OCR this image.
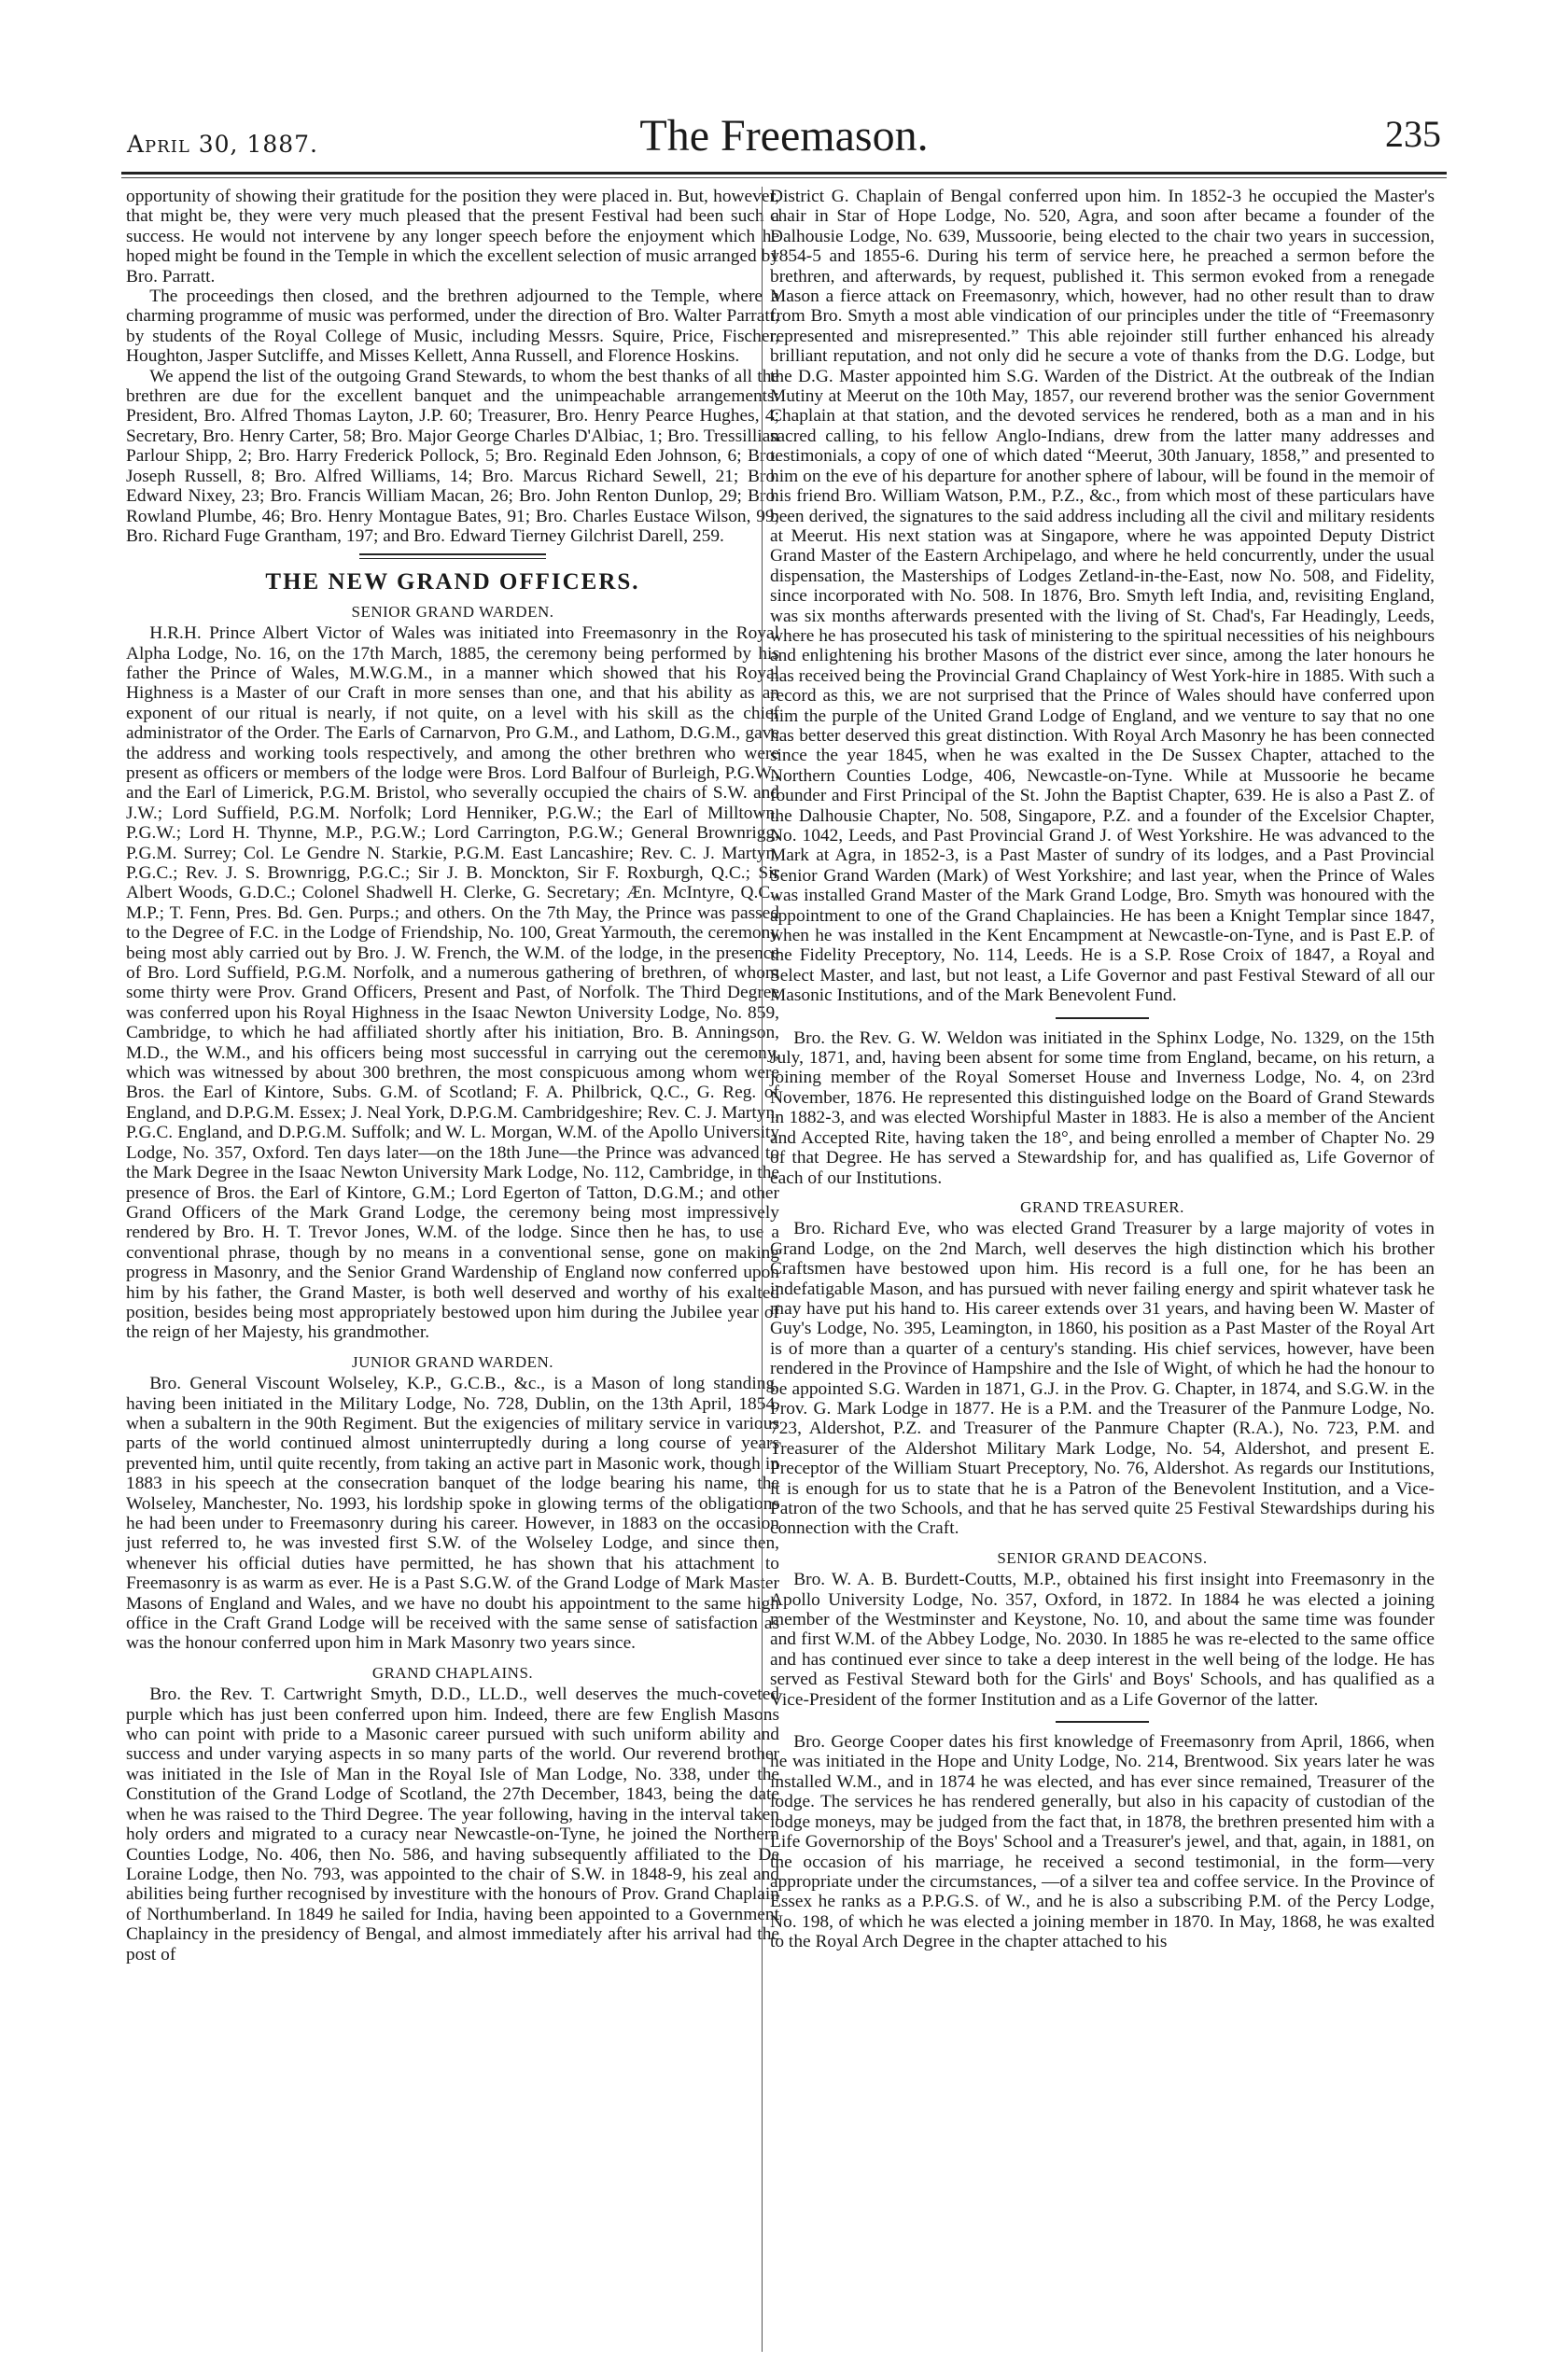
April 30, 1887.	The Freemason.	235

opportunity of showing their gratitude for the position they were placed in. But, however, that might be, they were very much pleased that the present Festival had been such a success. He would not intervene by any longer speech before the enjoyment which he hoped might be found in the Temple in which the excellent selection of music arranged by Bro. Parratt.

The proceedings then closed, and the brethren adjourned to the Temple, where a charming programme of music was performed, under the direction of Bro. Walter Parratt, by students of the Royal College of Music, including Messrs. Squire, Price, Fischer, Houghton, Jasper Sutcliffe, and Misses Kellett, Anna Russell, and Florence Hoskins.

We append the list of the outgoing Grand Stewards, to whom the best thanks of all the brethren are due for the excellent banquet and the unimpeachable arrangements: President, Bro. Alfred Thomas Layton, J.P. 60; Treasurer, Bro. Henry Pearce Hughes, 4; Secretary, Bro. Henry Carter, 58; Bro. Major George Charles D'Albiac, 1; Bro. Tressillian Parlour Shipp, 2; Bro. Harry Frederick Pollock, 5; Bro. Reginald Eden Johnson, 6; Bro. Joseph Russell, 8; Bro. Alfred Williams, 14; Bro. Marcus Richard Sewell, 21; Bro. Edward Nixey, 23; Bro. Francis William Macan, 26; Bro. John Renton Dunlop, 29; Bro. Rowland Plumbe, 46; Bro. Henry Montague Bates, 91; Bro. Charles Eustace Wilson, 99; Bro. Richard Fuge Grantham, 197; and Bro. Edward Tierney Gilchrist Darell, 259.

THE NEW GRAND OFFICERS.
SENIOR GRAND WARDEN.

H.R.H. Prince Albert Victor of Wales was initiated into Freemasonry in the Royal Alpha Lodge, No. 16, on the 17th March, 1885, the ceremony being performed by his father the Prince of Wales, M.W.G.M., in a manner which showed that his Royal Highness is a Master of our Craft in more senses than one, and that his ability as an exponent of our ritual is nearly, if not quite, on a level with his skill as the chief administrator of the Order. The Earls of Carnarvon, Pro G.M., and Lathom, D.G.M., gave the address and working tools respectively, and among the other brethren who were present as officers or members of the lodge were Bros. Lord Balfour of Burleigh, P.G.W., and the Earl of Limerick, P.G.M. Bristol, who severally occupied the chairs of S.W. and J.W.; Lord Suffield, P.G.M. Norfolk; Lord Henniker, P.G.W.; the Earl of Milltown, P.G.W.; Lord H. Thynne, M.P., P.G.W.; Lord Carrington, P.G.W.; General Brownrigg, P.G.M. Surrey; Col. Le Gendre N. Starkie, P.G.M. East Lancashire; Rev. C. J. Martyn, P.G.C.; Rev. J. S. Brownrigg, P.G.C.; Sir J. B. Monckton, Sir F. Roxburgh, Q.C.; Sir Albert Woods, G.D.C.; Colonel Shadwell H. Clerke, G. Secretary; Æn. McIntyre, Q.C., M.P.; T. Fenn, Pres. Bd. Gen. Purps.; and others. On the 7th May, the Prince was passed to the Degree of F.C. in the Lodge of Friendship, No. 100, Great Yarmouth, the ceremony being most ably carried out by Bro. J. W. French, the W.M. of the lodge, in the presence of Bro. Lord Suffield, P.G.M. Norfolk, and a numerous gathering of brethren, of whom some thirty were Prov. Grand Officers, Present and Past, of Norfolk. The Third Degree was conferred upon his Royal Highness in the Isaac Newton University Lodge, No. 859, Cambridge, to which he had affiliated shortly after his initiation, Bro. B. Anningson, M.D., the W.M., and his officers being most successful in carrying out the ceremony, which was witnessed by about 300 brethren, the most conspicuous among whom were Bros. the Earl of Kintore, Subs. G.M. of Scotland; F. A. Philbrick, Q.C., G. Reg. of England, and D.P.G.M. Essex; J. Neal York, D.P.G.M. Cambridgeshire; Rev. C. J. Martyn, P.G.C. England, and D.P.G.M. Suffolk; and W. L. Morgan, W.M. of the Apollo University Lodge, No. 357, Oxford. Ten days later—on the 18th June—the Prince was advanced to the Mark Degree in the Isaac Newton University Mark Lodge, No. 112, Cambridge, in the presence of Bros. the Earl of Kintore, G.M.; Lord Egerton of Tatton, D.G.M.; and other Grand Officers of the Mark Grand Lodge, the ceremony being most impressively rendered by Bro. H. T. Trevor Jones, W.M. of the lodge. Since then he has, to use a conventional phrase, though by no means in a conventional sense, gone on making progress in Masonry, and the Senior Grand Wardenship of England now conferred upon him by his father, the Grand Master, is both well deserved and worthy of his exalted position, besides being most appropriately bestowed upon him during the Jubilee year of the reign of her Majesty, his grandmother.

JUNIOR GRAND WARDEN.

Bro. General Viscount Wolseley, K.P., G.C.B., &c., is a Mason of long standing, having been initiated in the Military Lodge, No. 728, Dublin, on the 13th April, 1854, when a subaltern in the 90th Regiment. But the exigencies of military service in various parts of the world continued almost uninterruptedly during a long course of years prevented him, until quite recently, from taking an active part in Masonic work, though in 1883 in his speech at the consecration banquet of the lodge bearing his name, the Wolseley, Manchester, No. 1993, his lordship spoke in glowing terms of the obligations he had been under to Freemasonry during his career. However, in 1883 on the occasion just referred to, he was invested first S.W. of the Wolseley Lodge, and since then, whenever his official duties have permitted, he has shown that his attachment to Freemasonry is as warm as ever. He is a Past S.G.W. of the Grand Lodge of Mark Master Masons of England and Wales, and we have no doubt his appointment to the same high office in the Craft Grand Lodge will be received with the same sense of satisfaction as was the honour conferred upon him in Mark Masonry two years since.

GRAND CHAPLAINS.

Bro. the Rev. T. Cartwright Smyth, D.D., LL.D., well deserves the much-coveted purple which has just been conferred upon him. Indeed, there are few English Masons who can point with pride to a Masonic career pursued with such uniform ability and success and under varying aspects in so many parts of the world. Our reverend brother was initiated in the Isle of Man in the Royal Isle of Man Lodge, No. 338, under the Constitution of the Grand Lodge of Scotland, the 27th December, 1843, being the date when he was raised to the Third Degree. The year following, having in the interval taken holy orders and migrated to a curacy near Newcastle-on-Tyne, he joined the Northern Counties Lodge, No. 406, then No. 586, and having subsequently affiliated to the De Loraine Lodge, then No. 793, was appointed to the chair of S.W. in 1848-9, his zeal and abilities being further recognised by investiture with the honours of Prov. Grand Chaplain of Northumberland. In 1849 he sailed for India, having been appointed to a Government Chaplaincy in the presidency of Bengal, and almost immediately after his arrival had the post of

District G. Chaplain of Bengal conferred upon him. In 1852-3 he occupied the Master's chair in Star of Hope Lodge, No. 520, Agra, and soon after became a founder of the Dalhousie Lodge, No. 639, Mussoorie, being elected to the chair two years in succession, 1854-5 and 1855-6. During his term of service here, he preached a sermon before the brethren, and afterwards, by request, published it. This sermon evoked from a renegade Mason a fierce attack on Freemasonry, which, however, had no other result than to draw from Bro. Smyth a most able vindication of our principles under the title of “Freemasonry represented and misrepresented.” This able rejoinder still further enhanced his already brilliant reputation, and not only did he secure a vote of thanks from the D.G. Lodge, but the D.G. Master appointed him S.G. Warden of the District. At the outbreak of the Indian Mutiny at Meerut on the 10th May, 1857, our reverend brother was the senior Government Chaplain at that station, and the devoted services he rendered, both as a man and in his sacred calling, to his fellow Anglo-Indians, drew from the latter many addresses and testimonials, a copy of one of which dated “Meerut, 30th January, 1858,” and presented to him on the eve of his departure for another sphere of labour, will be found in the memoir of his friend Bro. William Watson, P.M., P.Z., &c., from which most of these particulars have been derived, the signatures to the said address including all the civil and military residents at Meerut. His next station was at Singapore, where he was appointed Deputy District Grand Master of the Eastern Archipelago, and where he held concurrently, under the usual dispensation, the Masterships of Lodges Zetland-in-the-East, now No. 508, and Fidelity, since incorporated with No. 508. In 1876, Bro. Smyth left India, and, revisiting England, was six months afterwards presented with the living of St. Chad's, Far Headingly, Leeds, where he has prosecuted his task of ministering to the spiritual necessities of his neighbours and enlightening his brother Masons of the district ever since, among the later honours he has received being the Provincial Grand Chaplaincy of West York-hire in 1885. With such a record as this, we are not surprised that the Prince of Wales should have conferred upon him the purple of the United Grand Lodge of England, and we venture to say that no one has better deserved this great distinction. With Royal Arch Masonry he has been connected since the year 1845, when he was exalted in the De Sussex Chapter, attached to the Northern Counties Lodge, 406, Newcastle-on-Tyne. While at Mussoorie he became founder and First Principal of the St. John the Baptist Chapter, 639. He is also a Past Z. of the Dalhousie Chapter, No. 508, Singapore, P.Z. and a founder of the Excelsior Chapter, No. 1042, Leeds, and Past Provincial Grand J. of West Yorkshire. He was advanced to the Mark at Agra, in 1852-3, is a Past Master of sundry of its lodges, and a Past Provincial Senior Grand Warden (Mark) of West Yorkshire; and last year, when the Prince of Wales was installed Grand Master of the Mark Grand Lodge, Bro. Smyth was honoured with the appointment to one of the Grand Chaplaincies. He has been a Knight Templar since 1847, when he was installed in the Kent Encampment at Newcastle-on-Tyne, and is Past E.P. of the Fidelity Preceptory, No. 114, Leeds. He is a S.P. Rose Croix of 1847, a Royal and Select Master, and last, but not least, a Life Governor and past Festival Steward of all our Masonic Institutions, and of the Mark Benevolent Fund.

Bro. the Rev. G. W. Weldon was initiated in the Sphinx Lodge, No. 1329, on the 15th July, 1871, and, having been absent for some time from England, became, on his return, a joining member of the Royal Somerset House and Inverness Lodge, No. 4, on 23rd November, 1876. He represented this distinguished lodge on the Board of Grand Stewards in 1882-3, and was elected Worshipful Master in 1883. He is also a member of the Ancient and Accepted Rite, having taken the 18°, and being enrolled a member of Chapter No. 29 of that Degree. He has served a Stewardship for, and has qualified as, Life Governor of each of our Institutions.

GRAND TREASURER.

Bro. Richard Eve, who was elected Grand Treasurer by a large majority of votes in Grand Lodge, on the 2nd March, well deserves the high distinction which his brother Craftsmen have bestowed upon him. His record is a full one, for he has been an indefatigable Mason, and has pursued with never failing energy and spirit whatever task he may have put his hand to. His career extends over 31 years, and having been W. Master of Guy's Lodge, No. 395, Leamington, in 1860, his position as a Past Master of the Royal Art is of more than a quarter of a century's standing. His chief services, however, have been rendered in the Province of Hampshire and the Isle of Wight, of which he had the honour to be appointed S.G. Warden in 1871, G.J. in the Prov. G. Chapter, in 1874, and S.G.W. in the Prov. G. Mark Lodge in 1877. He is a P.M. and the Treasurer of the Panmure Lodge, No. 723, Aldershot, P.Z. and Treasurer of the Panmure Chapter (R.A.), No. 723, P.M. and Treasurer of the Aldershot Military Mark Lodge, No. 54, Aldershot, and present E. Preceptor of the William Stuart Preceptory, No. 76, Aldershot. As regards our Institutions, it is enough for us to state that he is a Patron of the Benevolent Institution, and a Vice-Patron of the two Schools, and that he has served quite 25 Festival Stewardships during his connection with the Craft.

SENIOR GRAND DEACONS.

Bro. W. A. B. Burdett-Coutts, M.P., obtained his first insight into Freemasonry in the Apollo University Lodge, No. 357, Oxford, in 1872. In 1884 he was elected a joining member of the Westminster and Keystone, No. 10, and about the same time was founder and first W.M. of the Abbey Lodge, No. 2030. In 1885 he was re-elected to the same office and has continued ever since to take a deep interest in the well being of the lodge. He has served as Festival Steward both for the Girls' and Boys' Schools, and has qualified as a Vice-President of the former Institution and as a Life Governor of the latter.

Bro. George Cooper dates his first knowledge of Freemasonry from April, 1866, when he was initiated in the Hope and Unity Lodge, No. 214, Brentwood. Six years later he was installed W.M., and in 1874 he was elected, and has ever since remained, Treasurer of the lodge. The services he has rendered generally, but also in his capacity of custodian of the lodge moneys, may be judged from the fact that, in 1878, the brethren presented him with a Life Governorship of the Boys' School and a Treasurer's jewel, and that, again, in 1881, on the occasion of his marriage, he received a second testimonial, in the form—very appropriate under the circumstances, —of a silver tea and coffee service. In the Province of Essex he ranks as a P.P.G.S. of W., and he is also a subscribing P.M. of the Percy Lodge, No. 198, of which he was elected a joining member in 1870. In May, 1868, he was exalted to the Royal Arch Degree in the chapter attached to his
